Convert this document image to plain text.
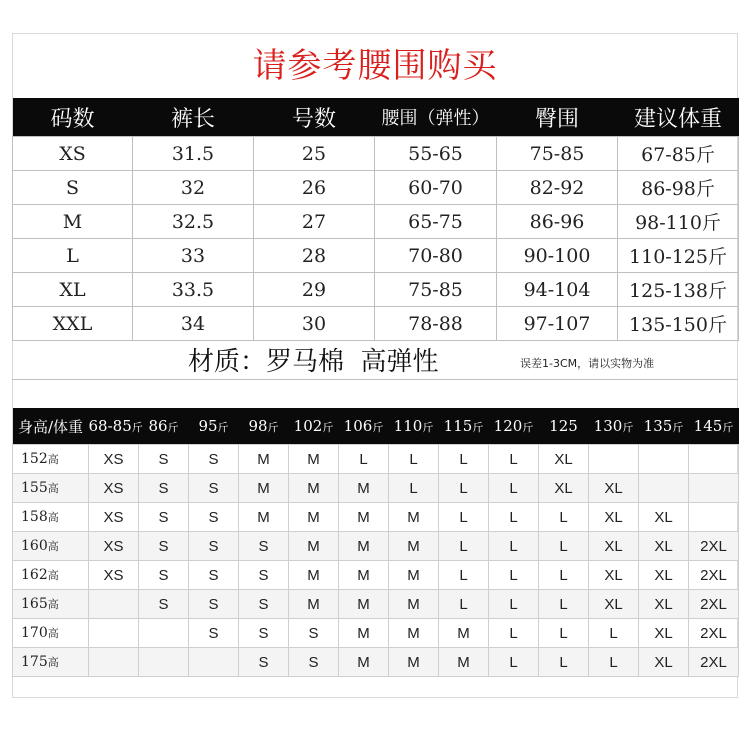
请参考腰围购买
码数	裤长	号数	腰围（弹性）	臀围	建议体重
XS	31.5	25	55-65	75-85	67-85斤
S	32	26	60-70	82-92	86-98斤
M	32.5	27	65-75	86-96	98-110斤
L	33	28	70-80	90-100	110-125斤
XL	33.5	29	75-85	94-104	125-138斤
XXL	34	30	78-88	97-107	135-150斤
材质：罗马棉  高弹性	误差1-3CM，请以实物为准
身高/体重	68-85斤	86斤	95斤	98斤	102斤	106斤	110斤	115斤	120斤	125	130斤	135斤	145斤
152高	XS	S	S	M	M	L	L	L	L	XL			
155高	XS	S	S	M	M	M	L	L	L	XL	XL		
158高	XS	S	S	M	M	M	M	L	L	L	XL	XL	
160高	XS	S	S	S	M	M	M	L	L	L	XL	XL	2XL
162高	XS	S	S	S	M	M	M	L	L	L	XL	XL	2XL
165高		S	S	S	M	M	M	L	L	L	XL	XL	2XL
170高			S	S	S	M	M	M	L	L	L	XL	2XL
175高				S	S	M	M	M	L	L	L	XL	2XL
